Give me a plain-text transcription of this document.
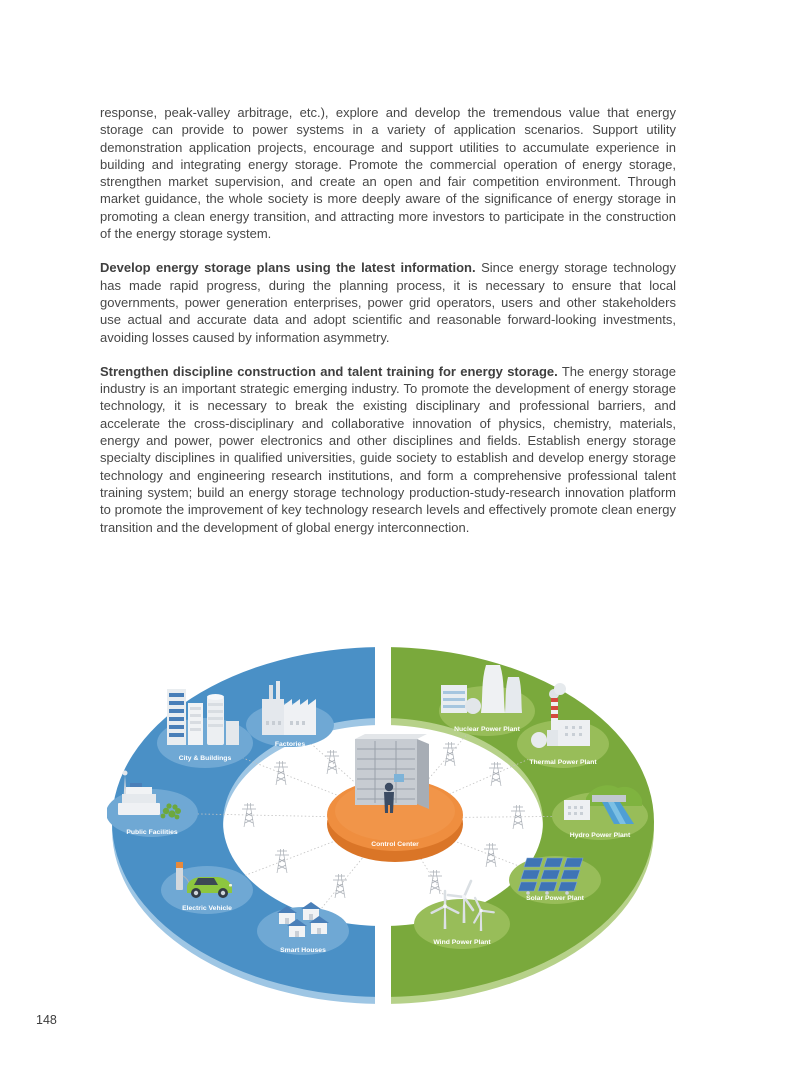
response, peak-valley arbitrage, etc.), explore and develop the tremendous value that energy storage can provide to power systems in a variety of application scenarios. Support utility demonstration application projects, encourage and support utilities to accumulate experience in building and integrating energy storage. Promote the commercial operation of energy storage, strengthen market supervision, and create an open and fair competition environment. Through market guidance, the whole society is more deeply aware of the significance of energy storage in promoting a clean energy transition, and attracting more investors to participate in the construction of the energy storage system.

Develop energy storage plans using the latest information. Since energy storage technology has made rapid progress, during the planning process, it is necessary to ensure that local governments, power generation enterprises, power grid operators, users and other stakeholders use actual and accurate data and adopt scientific and reasonable forward-looking investments, avoiding losses caused by information asymmetry.

Strengthen discipline construction and talent training for energy storage. The energy storage industry is an important strategic emerging industry. To promote the development of energy storage technology, it is necessary to break the existing disciplinary and professional barriers, and accelerate the cross-disciplinary and collaborative innovation of physics, chemistry, materials, energy and power, power electronics and other disciplines and fields. Establish energy storage specialty disciplines in qualified universities, guide society to establish and develop energy storage technology and engineering research institutions, and form a comprehensive professional talent training system; build an energy storage technology production-study-research innovation platform to promote the improvement of key technology research levels and effectively promote clean energy transition and the development of global energy interconnection.

Factories
City & Buildings
Public Facilities
Electric Vehicle
Smart Houses
Nuclear Power Plant
Thermal Power Plant
Hydro Power Plant
Solar Power Plant
Wind Power Plant
Control Center
148
